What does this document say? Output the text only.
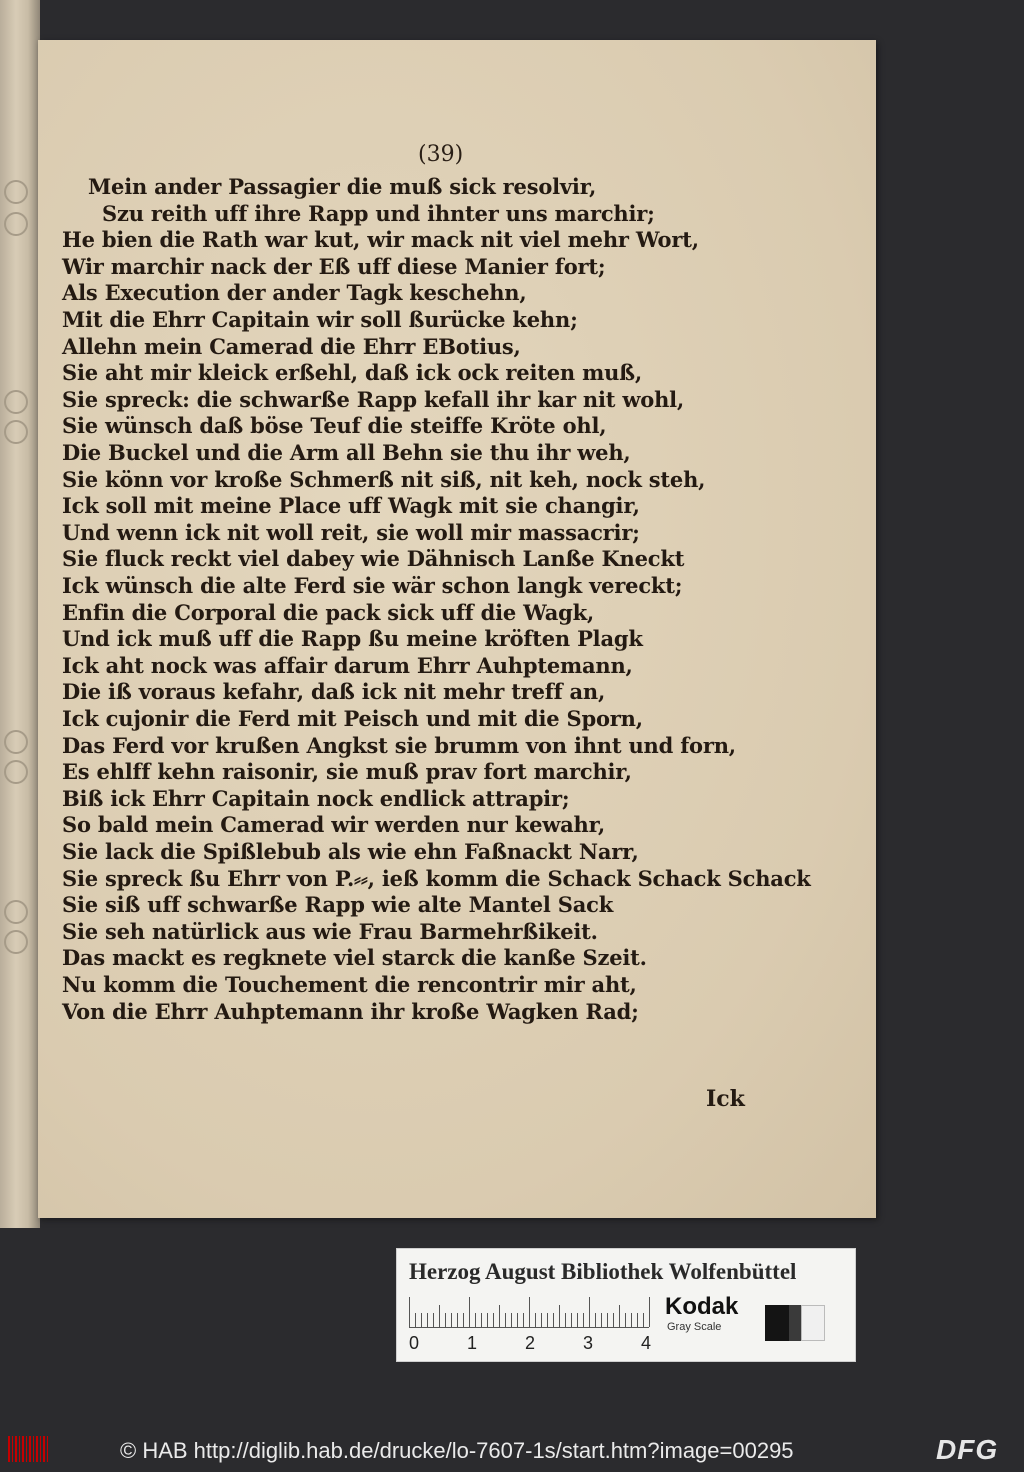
(39)
Mein ander Passagier die muß sick resolvir,
Szu reith uff ihre Rapp und ihnter uns marchir;
He bien die Rath war kut, wir mack nit viel mehr Wort,
Wir marchir nack der Eß uff diese Manier fort;
Als Execution der ander Tagk keschehn,
Mit die Ehrr Capitain wir soll ßurücke kehn;
Allehn mein Camerad die Ehrr EBotius,
Sie aht mir kleick erßehl, daß ick ock reiten muß,
Sie spreck: die schwarße Rapp kefall ihr kar nit wohl,
Sie wünsch daß böse Teuf die steiffe Kröte ohl,
Die Buckel und die Arm all Behn sie thu ihr weh,
Sie könn vor kroße Schmerß nit siß, nit keh, nock steh,
Ick soll mit meine Place uff Wagk mit sie changir,
Und wenn ick nit woll reit, sie woll mir massacrir;
Sie fluck reckt viel dabey wie Dähnisch Lanße Kneckt
Ick wünsch die alte Ferd sie wär schon langk vereckt;
Enfin die Corporal die pack sick uff die Wagk,
Und ick muß uff die Rapp ßu meine kröften Plagk
Ick aht nock was affair darum Ehrr Auhptemann,
Die iß voraus kefahr, daß ick nit mehr treff an,
Ick cujonir die Ferd mit Peisch und mit die Sporn,
Das Ferd vor krußen Angkst sie brumm von ihnt und forn,
Es ehlff kehn raisonir, sie muß prav fort marchir,
Biß ick Ehrr Capitain nock endlick attrapir;
So bald mein Camerad wir werden nur kewahr,
Sie lack die Spißlebub als wie ehn Faßnackt Narr,
Sie spreck ßu Ehrr von P.⸗⸗, ieß komm die Schack Schack Schack
Sie siß uff schwarße Rapp wie alte Mantel Sack
Sie seh natürlick aus wie Frau Barmehrßikeit.
Das mackt es regknete viel starck die kanße Szeit.
Nu komm die Touchement die rencontrir mir aht,
Von die Ehrr Auhptemann ihr kroße Wagken Rad;
Ick
Herzog August Bibliothek Wolfenbüttel
0	1	2	3	4
Kodak
Gray Scale
© HAB http://diglib.hab.de/drucke/lo-7607-1s/start.htm?image=00295	DFG
